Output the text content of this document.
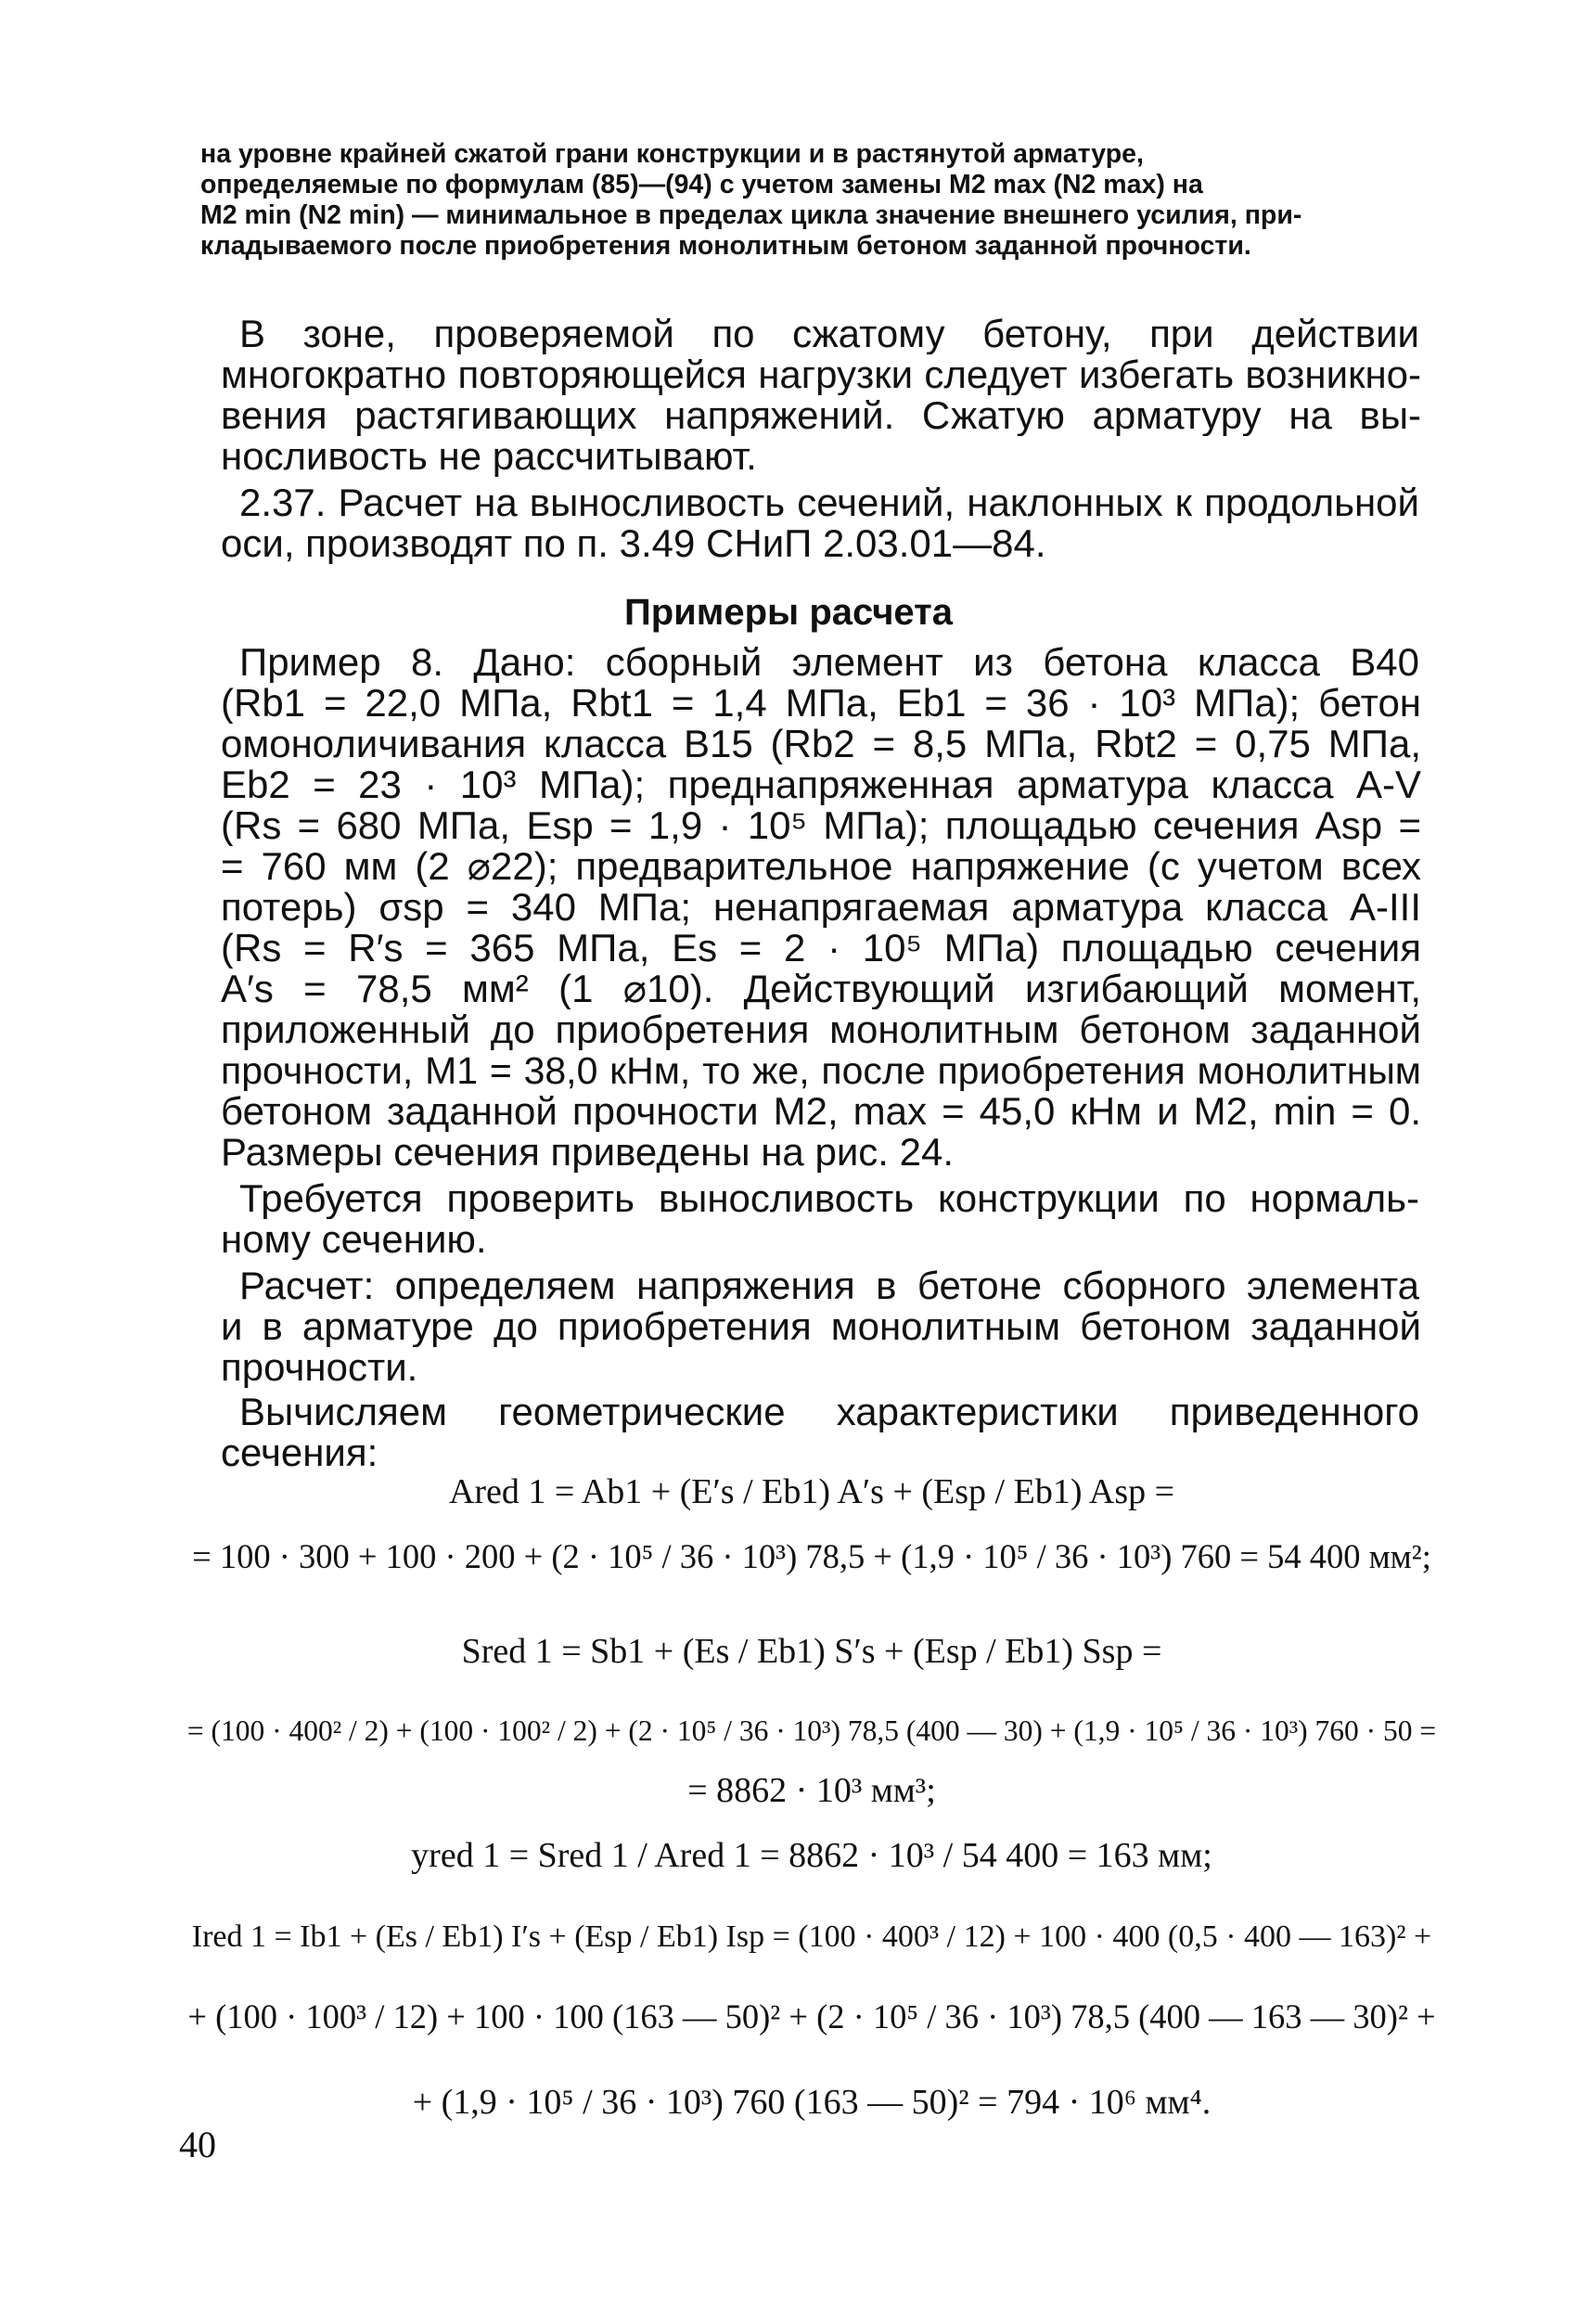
на уровне крайней сжатой грани конструкции и в растянутой арматуре,
определяемые по формулам (85)—(94) с учетом замены M2 max (N2 max) на
M2 min (N2 min) — минимальное в пределах цикла значение внешнего усилия, при-
кладываемого после приобретения монолитным бетоном заданной прочности.
В зоне, проверяемой по сжатому бетону, при действии
многократно повторяющейся нагрузки следует избегать возникно-
вения растягивающих напряжений. Сжатую арматуру на вы-
носливость не рассчитывают.
2.37. Расчет на выносливость сечений, наклонных к продольной
оси, производят по п. 3.49 СНиП 2.03.01—84.
Примеры расчета
Пример 8. Дано: сборный элемент из бетона класса В40
(Rb1 = 22,0 МПа, Rbt1 = 1,4 МПа, Eb1 = 36 · 10³ МПа); бетон
омоноличивания класса В15 (Rb2 = 8,5 МПа, Rbt2 = 0,75 МПа,
Eb2 = 23 · 10³ МПа); преднапряженная арматура класса A-V
(Rs = 680 МПа, Esp = 1,9 · 10⁵ МПа); площадью сечения Asp =
= 760 мм (2 ⌀22); предварительное напряжение (с учетом всех
потерь) σsp = 340 МПа; ненапрягаемая арматура класса A-III
(Rs = R′s = 365 МПа, Es = 2 · 10⁵ МПа) площадью сечения
A′s = 78,5 мм² (1 ⌀10). Действующий изгибающий момент,
приложенный до приобретения монолитным бетоном заданной
прочности, M1 = 38,0 кНм, то же, после приобретения монолитным
бетоном заданной прочности M2, max = 45,0 кНм и M2, min = 0.
Размеры сечения приведены на рис. 24.
Требуется проверить выносливость конструкции по нормаль-
ному сечению.
Расчет: определяем напряжения в бетоне сборного элемента
и в арматуре до приобретения монолитным бетоном заданной
прочности.
Вычисляем геометрические характеристики приведенного
сечения:
Ared 1 = Ab1 + (E′s / Eb1) A′s + (Esp / Eb1) Asp =
= 100 · 300 + 100 · 200 + (2 · 10⁵ / 36 · 10³) 78,5 + (1,9 · 10⁵ / 36 · 10³) 760 = 54 400 мм²;
Sred 1 = Sb1 + (Es / Eb1) S′s + (Esp / Eb1) Ssp =
= (100 · 400² / 2) + (100 · 100² / 2) + (2 · 10⁵ / 36 · 10³) 78,5 (400 — 30) + (1,9 · 10⁵ / 36 · 10³) 760 · 50 =
= 8862 · 10³ мм³;
yred 1 = Sred 1 / Ared 1 = 8862 · 10³ / 54 400 = 163 мм;
Ired 1 = Ib1 + (Es / Eb1) I′s + (Esp / Eb1) Isp = (100 · 400³ / 12) + 100 · 400 (0,5 · 400 — 163)² +
+ (100 · 100³ / 12) + 100 · 100 (163 — 50)² + (2 · 10⁵ / 36 · 10³) 78,5 (400 — 163 — 30)² +
+ (1,9 · 10⁵ / 36 · 10³) 760 (163 — 50)² = 794 · 10⁶ мм⁴.
40
